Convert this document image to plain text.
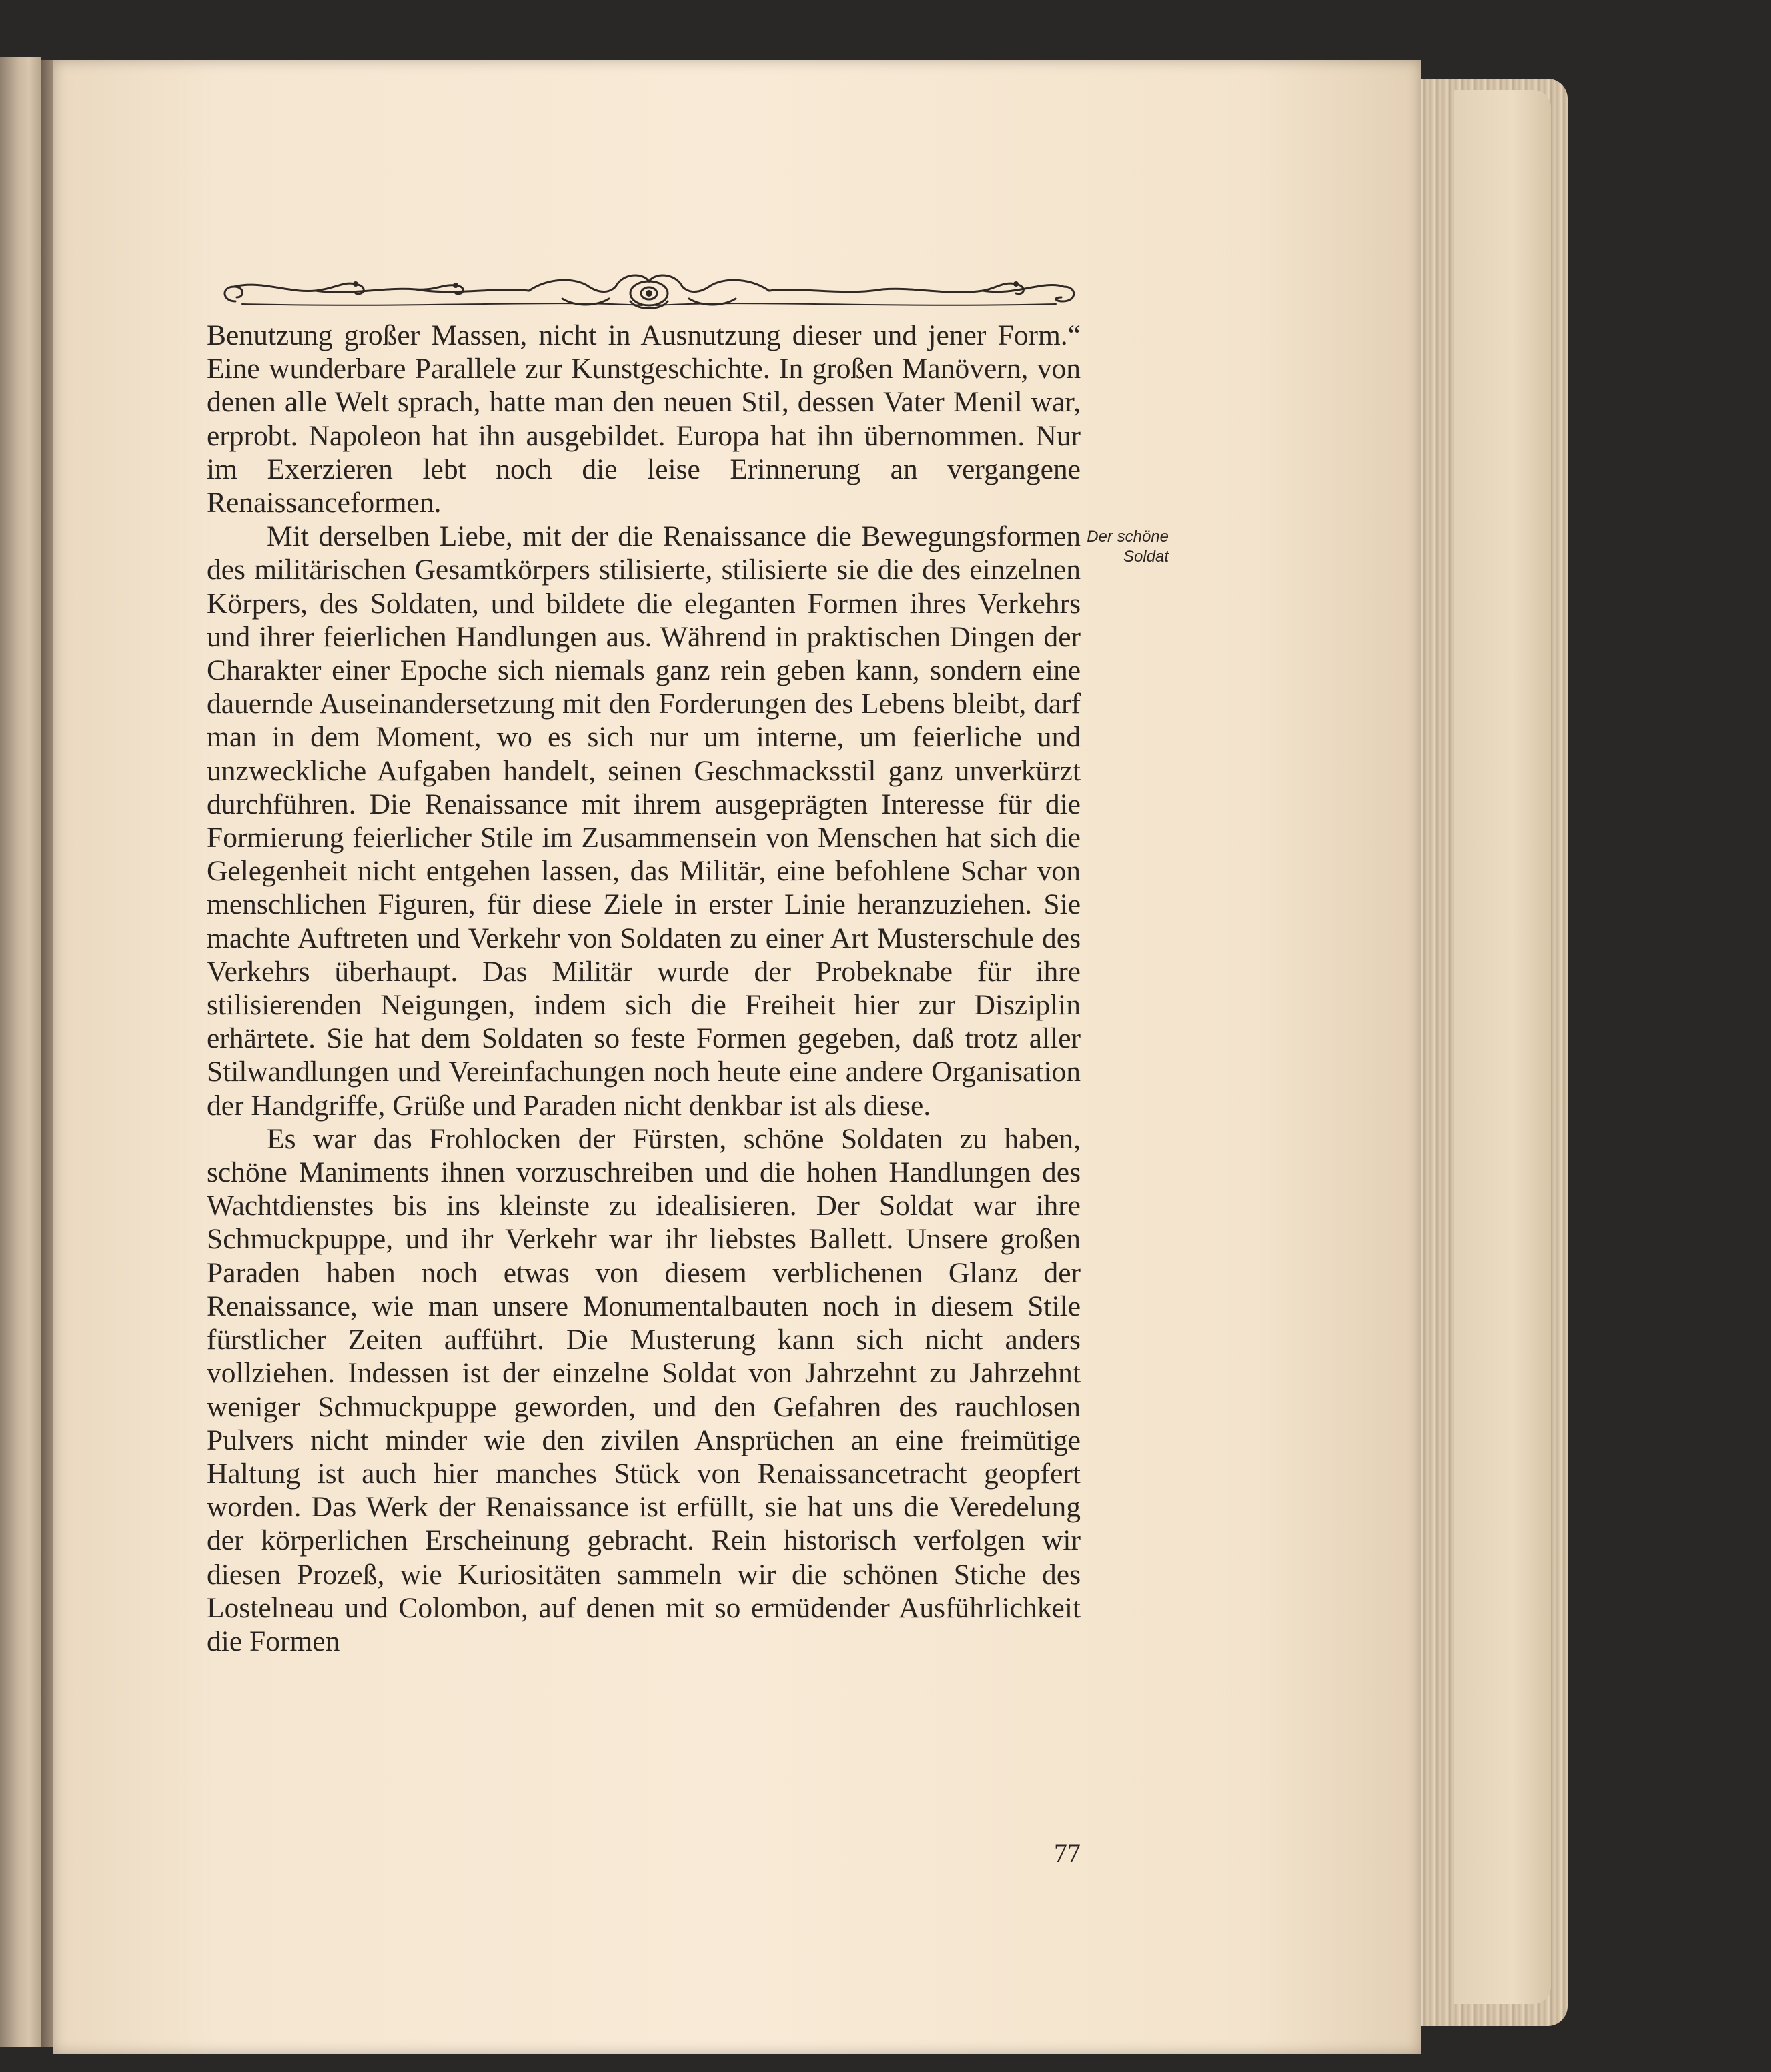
Benutzung großer Massen, nicht in Ausnutzung dieser und jener Form.“ Eine wunderbare Parallele zur Kunstgeschichte. In großen Manövern, von denen alle Welt sprach, hatte man den neuen Stil, dessen Vater Menil war, erprobt. Napoleon hat ihn ausgebildet. Europa hat ihn übernommen. Nur im Exerzieren lebt noch die leise Erinnerung an vergangene Renaissanceformen.

Mit derselben Liebe, mit der die Renaissance die Bewegungsformen des militärischen Gesamtkörpers stilisierte, stilisierte sie die des einzelnen Körpers, des Soldaten, und bildete die eleganten Formen ihres Verkehrs und ihrer feierlichen Handlungen aus. Während in praktischen Dingen der Charakter einer Epoche sich niemals ganz rein geben kann, sondern eine dauernde Auseinandersetzung mit den Forderungen des Lebens bleibt, darf man in dem Moment, wo es sich nur um interne, um feierliche und unzweckliche Aufgaben handelt, seinen Geschmacksstil ganz unverkürzt durchführen. Die Renaissance mit ihrem ausgeprägten Interesse für die Formierung feierlicher Stile im Zusammensein von Menschen hat sich die Gelegenheit nicht entgehen lassen, das Militär, eine befohlene Schar von menschlichen Figuren, für diese Ziele in erster Linie heranzuziehen. Sie machte Auftreten und Verkehr von Soldaten zu einer Art Musterschule des Verkehrs überhaupt. Das Militär wurde der Probeknabe für ihre stilisierenden Neigungen, indem sich die Freiheit hier zur Disziplin erhärtete. Sie hat dem Soldaten so feste Formen gegeben, daß trotz aller Stilwandlungen und Vereinfachungen noch heute eine andere Organisation der Handgriffe, Grüße und Paraden nicht denkbar ist als diese.

Es war das Frohlocken der Fürsten, schöne Soldaten zu haben, schöne Maniments ihnen vorzuschreiben und die hohen Handlungen des Wachtdienstes bis ins kleinste zu idealisieren. Der Soldat war ihre Schmuckpuppe, und ihr Verkehr war ihr liebstes Ballett. Unsere großen Paraden haben noch etwas von diesem verblichenen Glanz der Renaissance, wie man unsere Monumentalbauten noch in diesem Stile fürstlicher Zeiten aufführt. Die Musterung kann sich nicht anders vollziehen. Indessen ist der einzelne Soldat von Jahrzehnt zu Jahrzehnt weniger Schmuckpuppe geworden, und den Gefahren des rauchlosen Pulvers nicht minder wie den zivilen Ansprüchen an eine freimütige Haltung ist auch hier manches Stück von Renaissancetracht geopfert worden. Das Werk der Renaissance ist erfüllt, sie hat uns die Veredelung der körperlichen Erscheinung gebracht. Rein historisch verfolgen wir diesen Prozeß, wie Kuriositäten sammeln wir die schönen Stiche des Lostelneau und Colombon, auf denen mit so ermüdender Ausführlichkeit die Formen

Der schöne
Soldat
77
